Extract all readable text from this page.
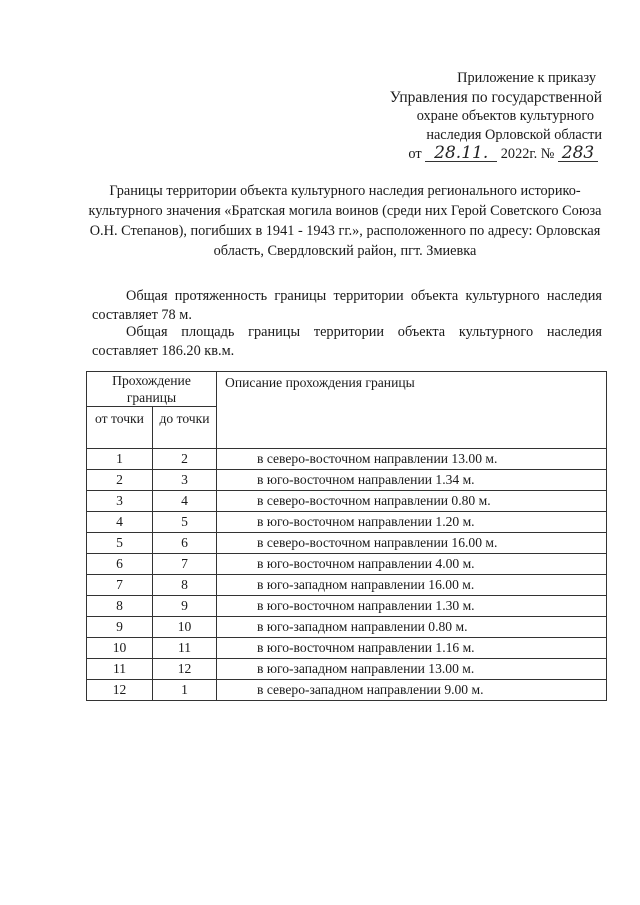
Приложение к приказу
Управления по государственной
охране объектов культурного
наследия Орловской области
от 28.11. 2022г. № 283
Границы территории объекта культурного наследия регионального историко-культурного значения «Братская могила воинов (среди них Герой Советского Союза О.Н. Степанов), погибших в 1941 - 1943 гг.», расположенного по адресу: Орловская область, Свердловский район, пгт. Змиевка
Общая протяженность границы территории объекта культурного наследия составляет 78 м.
Общая площадь границы территории объекта культурного наследия составляет 186.20 кв.м.
Прохождение границы		Описание прохождения границы
от точки	до точки	
1	2	в северо-восточном направлении 13.00 м.
2	3	в юго-восточном направлении 1.34 м.
3	4	в северо-восточном направлении 0.80 м.
4	5	в юго-восточном направлении 1.20 м.
5	6	в северо-восточном направлении 16.00 м.
6	7	в юго-восточном направлении 4.00 м.
7	8	в юго-западном направлении 16.00 м.
8	9	в юго-восточном направлении 1.30 м.
9	10	в юго-западном направлении 0.80 м.
10	11	в юго-восточном направлении 1.16 м.
11	12	в юго-западном направлении 13.00 м.
12	1	в северо-западном направлении 9.00 м.
